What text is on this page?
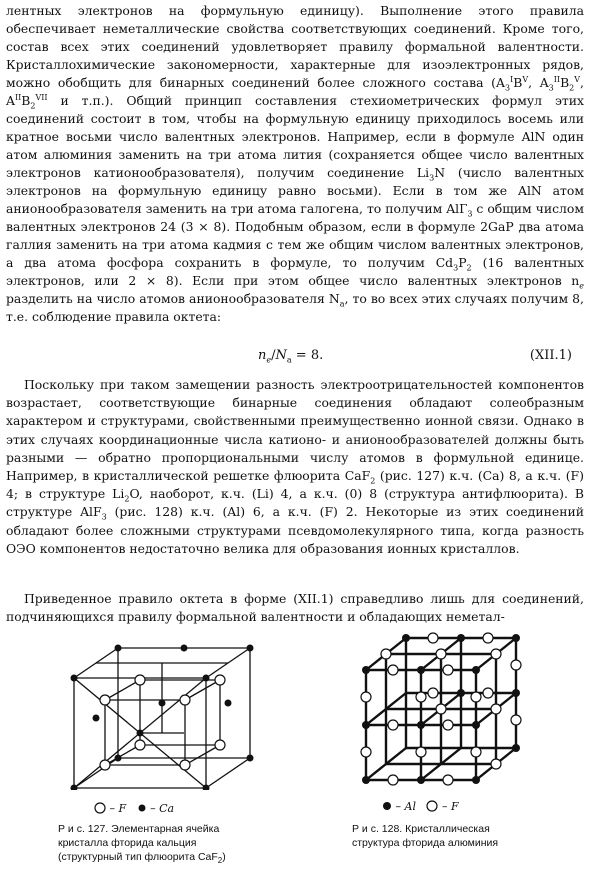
лентных электронов на формульную единицу). Выполнение этого правила обеспечивает неметаллические свойства соответствующих соединений. Кроме того, состав всех этих соединений удовлетворяет правилу формальной валентности. Кристаллохимические закономерности, характерные для изоэлектронных рядов, можно обобщить для бинарных соединений более сложного состава ($A_3^IB^V$, $A_3^{II}B_2^V$, $A^{II}B_2^{VII}$ и т.п.). Общий принцип составления стехиометрических формул этих соединений состоит в том, чтобы на формульную единицу приходилось восемь или кратное восьми число валентных электронов. Например, если в формуле AlN один атом алюминия заменить на три атома лития (сохраняется общее число валентных электронов катионообразователя), получим соединение $Li_3N$ (число валентных электронов на формульную единицу равно восьми). Если в том же AlN атом анионообразователя заменить на три атома галогена, то получим AlГ$_3$ с общим числом валентных электронов 24 (3 × 8). Подобным образом, если в формуле 2GaP два атома галлия заменить на три атома кадмия с тем же общим числом валентных электронов, а два атома фосфора сохранить в формуле, то получим $Cd_3P_2$ (16 валентных электронов, или 2 × 8). Если при этом общее число валентных электронов $n_e$ разделить на число атомов анионообразователя $N_a$, то во всех этих случаях получим 8, т.е. соблюдение правила октета:

$n_e/N_a = 8$.	(XII.1)

Поскольку при таком замещении разность электроотрицательностей компонентов возрастает, соответствующие бинарные соединения обладают солеобразным характером и структурами, свойственными преимущественно ионной связи. Однако в этих случаях координационные числа катионо- и анионообразователей должны быть разными — обратно пропорциональными числу атомов в формульной единице. Например, в кристаллической решетке флюорита CaF$_2$ (рис. 127) к.ч. (Ca) 8, а к.ч. (F) 4; в структуре $Li_2O$, наоборот, к.ч. (Li) 4, а к.ч. (0) 8 (структура антифлюорита). В структуре AlF$_3$ (рис. 128) к.ч. (Al) 6, а к.ч. (F) 2. Некоторые из этих соединений обладают более сложными структурами псевдомолекулярного типа, когда разность ОЭО компонентов недостаточно велика для образования ионных кристаллов.

Приведенное правило октета в форме (XII.1) справедливо лишь для соединений, подчиняющихся правилу формальной валентности и обладающих неметал-

– F    – Ca
Р и с. 127. Элементарная ячейка
кристалла фторида кальция
(структурный тип флюорита CaF$_2$)
– Al    – F
Р и с. 128. Кристаллическая
структура фторида алюминия
